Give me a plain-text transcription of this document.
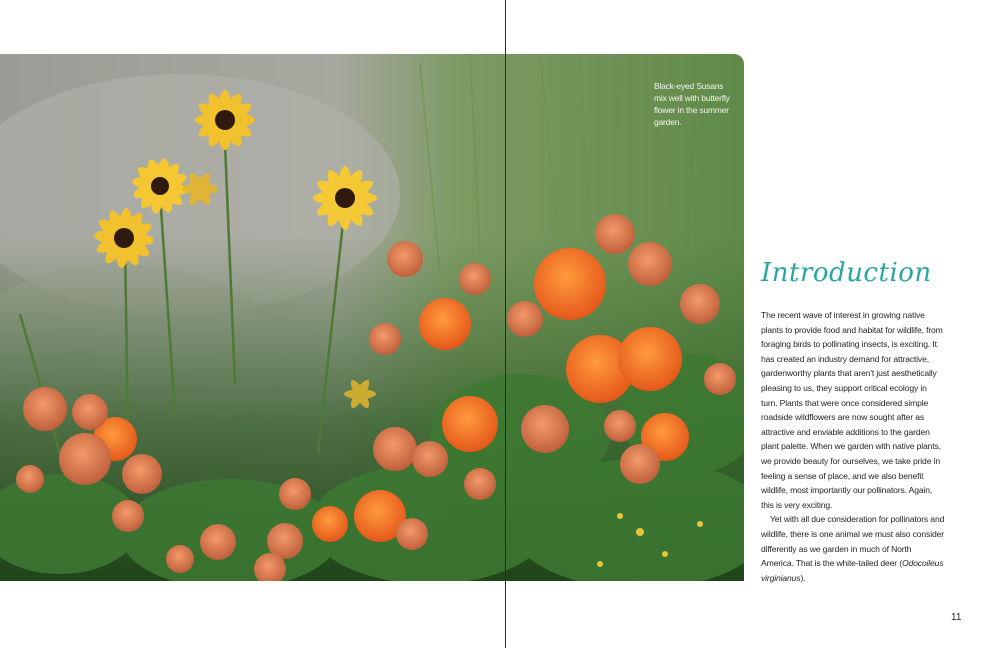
Black-eyed Susans mix well with butterfly flower in the summer garden.
Introduction

The recent wave of interest in growing native plants to provide food and habitat for wildlife, from foraging birds to pollinating insects, is exciting. It has created an industry demand for attractive, gardenworthy plants that aren't just aesthetically pleasing to us, they support critical ecology in turn. Plants that were once considered simple roadside wildflowers are now sought after as attractive and enviable additions to the garden plant palette. When we garden with native plants, we provide beauty for ourselves, we take pride in feeling a sense of place, and we also benefit wildlife, most importantly our pollinators. Again, this is very exciting.

Yet with all due consideration for pollinators and wildlife, there is one animal we must also consider differently as we garden in much of North America. That is the white-tailed deer (Odocoileus virginianus).

11
